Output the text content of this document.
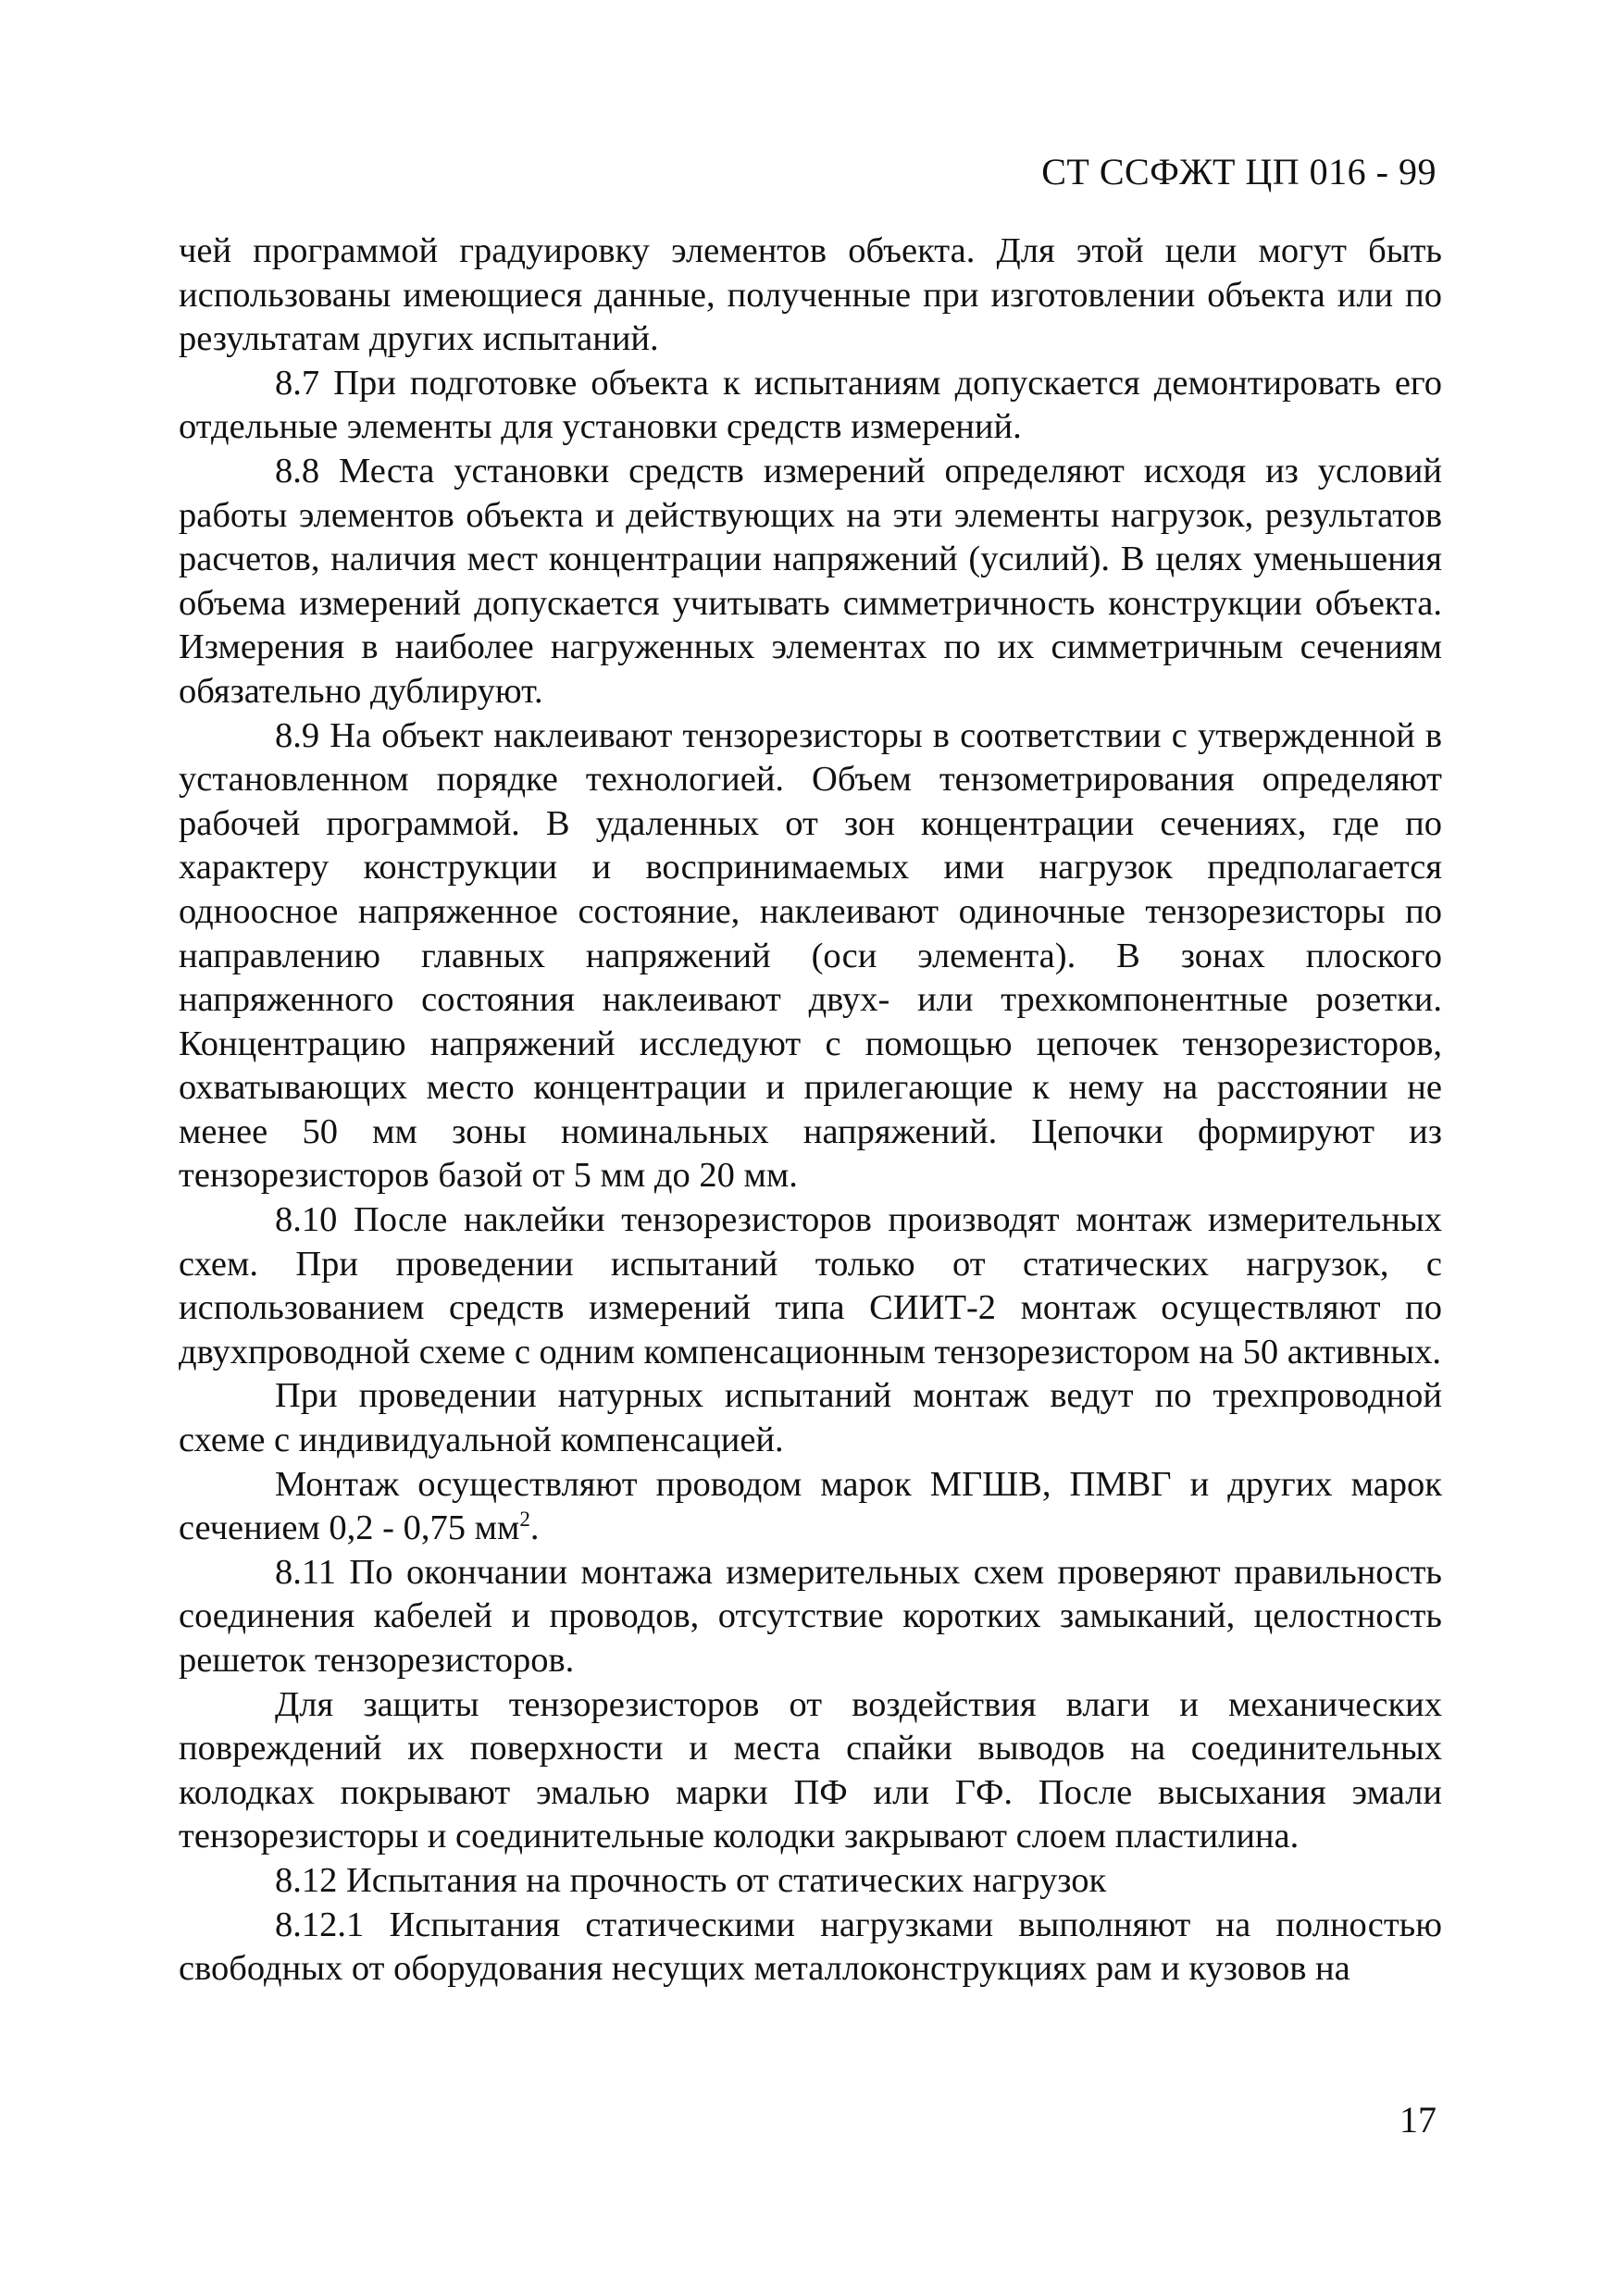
СТ ССФЖТ ЦП 016 - 99

чей программой градуировку элементов объекта. Для этой цели могут быть использованы имеющиеся данные, полученные при изготовлении объекта или по результатам других испытаний.

8.7 При подготовке объекта к испытаниям допускается демонтировать его отдельные элементы для установки средств измерений.

8.8 Места установки средств измерений определяют исходя из условий работы элементов объекта и действующих на эти элементы нагрузок, результатов расчетов, наличия мест концентрации напряжений (усилий). В целях уменьшения объема измерений допускается учитывать симметричность конструкции объекта. Измерения в наиболее нагруженных элементах по их симметричным сечениям обязательно дублируют.

8.9 На объект наклеивают тензорезисторы в соответствии с утвержденной в установленном порядке технологией. Объем тензометрирования определяют рабочей программой. В удаленных от зон концентрации сечениях, где по характеру конструкции и воспринимаемых ими нагрузок предполагается одноосное напряженное состояние, наклеивают одиночные тензорезисторы по направлению главных напряжений (оси элемента). В зонах плоского напряженного состояния наклеивают двух- или трехкомпонентные розетки. Концентрацию напряжений исследуют с помощью цепочек тензорезисторов, охватывающих место концентрации и прилегающие к нему на расстоянии не менее 50 мм зоны номинальных напряжений. Цепочки формируют из тензорезисторов базой от 5 мм до 20 мм.

8.10 После наклейки тензорезисторов производят монтаж измерительных схем. При проведении испытаний только от статических нагрузок, с использованием средств измерений типа СИИТ-2 монтаж осуществляют по двухпроводной схеме с одним компенсационным тензорезистором на 50 активных.

При проведении натурных испытаний монтаж ведут по трехпроводной схеме с индивидуальной компенсацией.

Монтаж осуществляют проводом марок МГШВ, ПМВГ и других марок сечением 0,2 - 0,75 $мм^2$.

8.11 По окончании монтажа измерительных схем проверяют правильность соединения кабелей и проводов, отсутствие коротких замыканий, целостность решеток тензорезисторов.

Для защиты тензорезисторов от воздействия влаги и механических повреждений их поверхности и места спайки выводов на соединительных колодках покрывают эмалью марки ПФ или ГФ. После высыхания эмали тензорезисторы и соединительные колодки закрывают слоем пластилина.

8.12 Испытания на прочность от статических нагрузок

8.12.1 Испытания статическими нагрузками выполняют на полностью свободных от оборудования несущих металлоконструкциях рам и кузовов на

17
